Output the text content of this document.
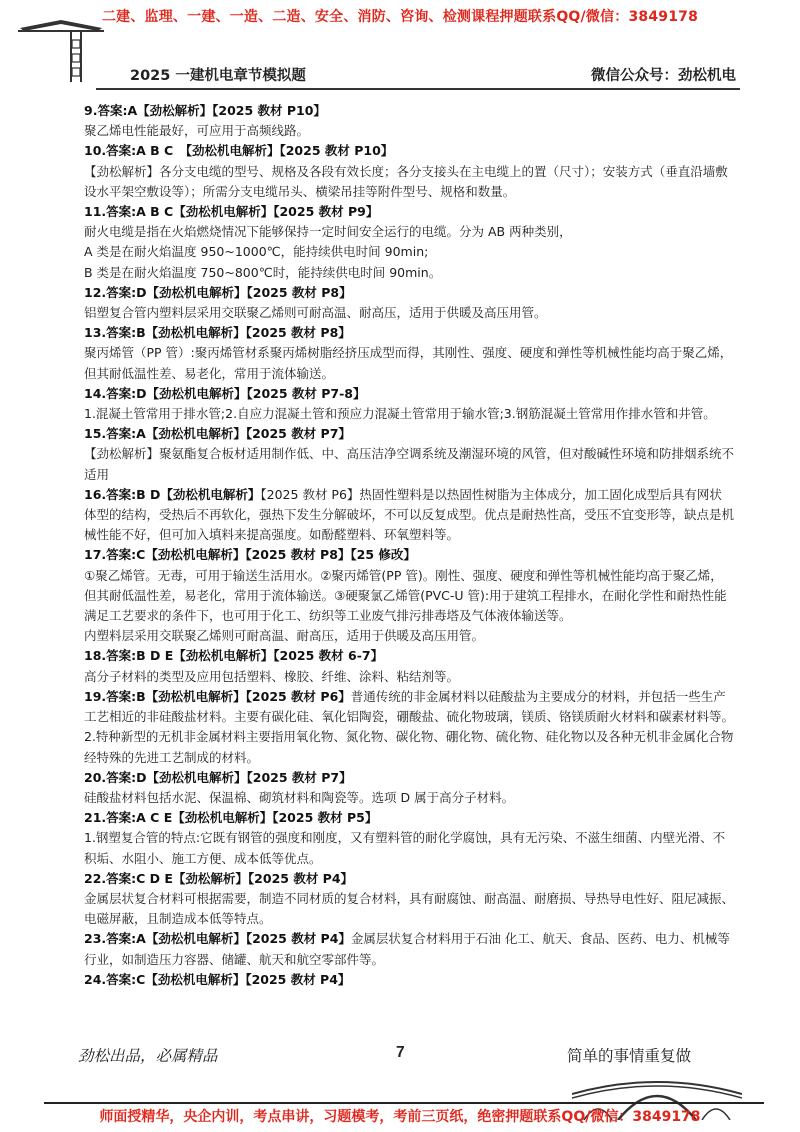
二建、监理、一建、一造、二造、安全、消防、咨询、检测课程押题联系QQ/微信：3849178
2025 一建机电章节模拟题	微信公众号：劲松机电

9.答案:A【劲松解析】【2025 教材 P10】

聚乙烯电性能最好，可应用于高频线路。

10.答案:A B C　【劲松机电解析】【2025 教材 P10】

【劲松解析】各分支电缆的型号、规格及各段有效长度；各分支接头在主电缆上的置（尺寸）；安装方式（垂直沿墙敷设水平架空敷设等）；所需分支电缆吊头、横梁吊挂等附件型号、规格和数量。

11.答案:A B C【劲松机电解析】【2025 教材 P9】

耐火电缆是指在火焰燃烧情况下能够保持一定时间安全运行的电缆。分为 AB 两种类别，

A 类是在耐火焰温度 950~1000℃，能持续供电时间 90min;

B 类是在耐火焰温度 750~800℃时，能持续供电时间 90min。

12.答案:D【劲松机电解析】【2025 教材 P8】

铝塑复合管内塑料层采用交联聚乙烯则可耐高温、耐高压，适用于供暖及高压用管。

13.答案:B【劲松机电解析】【2025 教材 P8】

聚丙烯管（PP 管）:聚丙烯管材系聚丙烯树脂经挤压成型而得，其刚性、强度、硬度和弹性等机械性能均高于聚乙烯，但其耐低温性差、易老化，常用于流体输送。

14.答案:D【劲松机电解析】【2025 教材 P7-8】

1.混凝土管常用于排水管;2.自应力混凝土管和预应力混凝土管常用于输水管;3.钢筋混凝土管常用作排水管和井管。

15.答案:A【劲松机电解析】【2025 教材 P7】

【劲松解析】聚氨酯复合板材适用制作低、中、高压洁净空调系统及潮湿环境的风管，但对酸碱性环境和防排烟系统不适用

16.答案:B D【劲松机电解析】【2025 教材 P6】热固性塑料是以热固性树脂为主体成分，加工固化成型后具有网状体型的结构，受热后不再软化，强热下发生分解破坏，不可以反复成型。优点是耐热性高，受压不宜变形等，缺点是机械性能不好，但可加入填料来提高强度。如酚醛塑料、环氧塑料等。

17.答案:C【劲松机电解析】【2025 教材 P8】【25 修改】

①聚乙烯管。无毒，可用于输送生活用水。②聚丙烯管(PP 管)。刚性、强度、硬度和弹性等机械性能均高于聚乙烯，但其耐低温性差，易老化，常用于流体输送。③硬聚氯乙烯管(PVC-U 管):用于建筑工程排水，在耐化学性和耐热性能满足工艺要求的条件下，也可用于化工、纺织等工业废气排污排毒塔及气体液体输送等。

内塑料层采用交联聚乙烯则可耐高温、耐高压，适用于供暖及高压用管。

18.答案:B D E【劲松机电解析】【2025 教材 6-7】

高分子材料的类型及应用包括塑料、橡胶、纤维、涂料、粘结剂等。

19.答案:B【劲松机电解析】【2025 教材 P6】普通传统的非金属材料以硅酸盐为主要成分的材料，并包括一些生产工艺相近的非硅酸盐材料。主要有碳化硅、氧化铝陶瓷，硼酸盐、硫化物玻璃，镁质、铬镁质耐火材料和碳素材料等。2.特种新型的无机非金属材料主要指用氧化物、氮化物、碳化物、硼化物、硫化物、硅化物以及各种无机非金属化合物经特殊的先进工艺制成的材料。

20.答案:D【劲松机电解析】【2025 教材 P7】

硅酸盐材料包括水泥、保温棉、砌筑材料和陶瓷等。选项 D 属于高分子材料。

21.答案:A C E【劲松机电解析】【2025 教材 P5】

1.钢塑复合管的特点:它既有钢管的强度和刚度，又有塑料管的耐化学腐蚀，具有无污染、不滋生细菌、内壁光滑、不积垢、水阻小、施工方便、成本低等优点。

22.答案:C D E【劲松解析】【2025 教材 P4】

金属层状复合材料可根据需要，制造不同材质的复合材料，具有耐腐蚀、耐高温、耐磨损、导热导电性好、阻尼减振、电磁屏蔽，且制造成本低等特点。

23.答案:A【劲松机电解析】【2025 教材 P4】金属层状复合材料用于石油 化工、航天、食品、医药、电力、机械等行业，如制造压力容器、储罐、航天和航空零部件等。

24.答案:C【劲松机电解析】【2025 教材 P4】

劲松出品，必属精品	7	简单的事情重复做
师面授精华，央企内训，考点串讲，习题模考，考前三页纸，绝密押题联系QQ/微信：3849178
